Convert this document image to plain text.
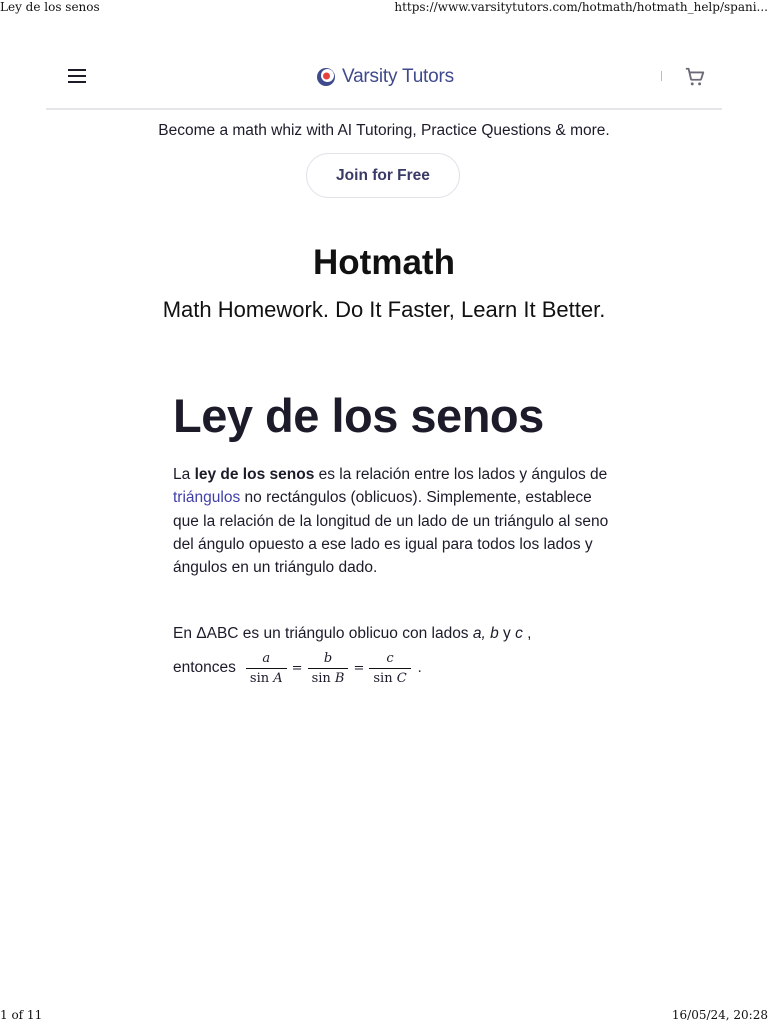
Ley de los senos	https://www.varsitytutors.com/hotmath/hotmath_help/spani...
Varsity Tutors
Become a math whiz with AI Tutoring, Practice Questions & more.
Join for Free
Hotmath
Math Homework. Do It Faster, Learn It Better.
Ley de los senos

La ley de los senos es la relación entre los lados y ángulos de triángulos no rectángulos (oblicuos). Simplemente, establece que la relación de la longitud de un lado de un triángulo al seno del ángulo opuesto a ese lado es igual para todos los lados y ángulos en un triángulo dado.

En ΔABC es un triángulo oblicuo con lados a, b y c ,

entonces $\frac{a}{\text{sin A}} = \frac{b}{\text{sin B}} = \frac{c}{\text{sin C}}$ .
1 of 11	16/05/24, 20:28
